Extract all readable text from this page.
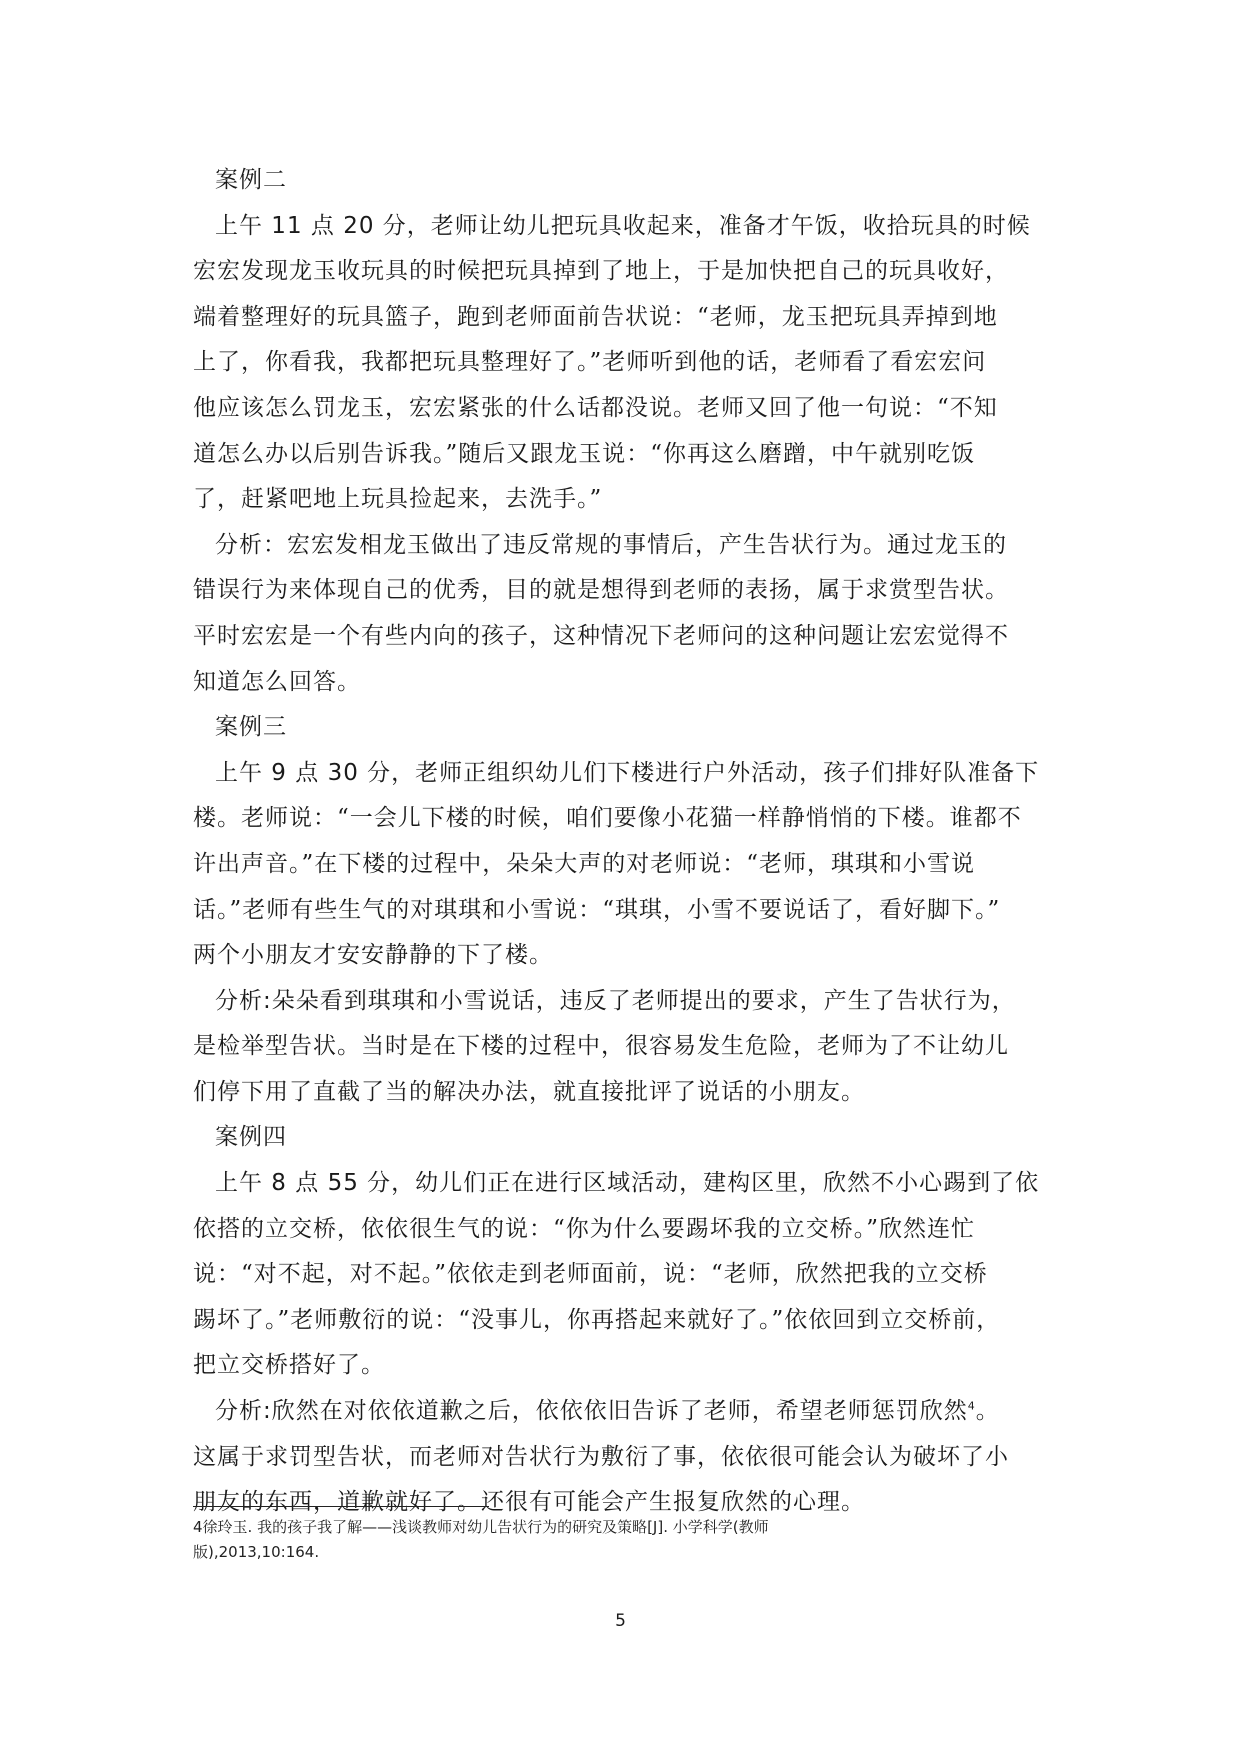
案例二
上午 11 点 20 分，老师让幼儿把玩具收起来，准备才午饭，收拾玩具的时候
宏宏发现龙玉收玩具的时候把玩具掉到了地上，于是加快把自己的玩具收好，
端着整理好的玩具篮子，跑到老师面前告状说：“老师，龙玉把玩具弄掉到地
上了，你看我，我都把玩具整理好了。”老师听到他的话，老师看了看宏宏问
他应该怎么罚龙玉，宏宏紧张的什么话都没说。老师又回了他一句说：“不知
道怎么办以后别告诉我。”随后又跟龙玉说：“你再这么磨蹭，中午就别吃饭
了，赶紧吧地上玩具捡起来，去洗手。”
分析：宏宏发相龙玉做出了违反常规的事情后，产生告状行为。通过龙玉的
错误行为来体现自己的优秀，目的就是想得到老师的表扬，属于求赏型告状。
平时宏宏是一个有些内向的孩子，这种情况下老师问的这种问题让宏宏觉得不
知道怎么回答。
案例三
上午 9 点 30 分，老师正组织幼儿们下楼进行户外活动，孩子们排好队准备下
楼。老师说：“一会儿下楼的时候，咱们要像小花猫一样静悄悄的下楼。谁都不
许出声音。”在下楼的过程中，朵朵大声的对老师说：“老师，琪琪和小雪说
话。”老师有些生气的对琪琪和小雪说：“琪琪，小雪不要说话了，看好脚下。”
两个小朋友才安安静静的下了楼。
分析:朵朵看到琪琪和小雪说话，违反了老师提出的要求，产生了告状行为，
是检举型告状。当时是在下楼的过程中，很容易发生危险，老师为了不让幼儿
们停下用了直截了当的解决办法，就直接批评了说话的小朋友。
案例四
上午 8 点 55 分，幼儿们正在进行区域活动，建构区里，欣然不小心踢到了依
依搭的立交桥，依依很生气的说：“你为什么要踢坏我的立交桥。”欣然连忙
说：“对不起，对不起。”依依走到老师面前，说：“老师，欣然把我的立交桥
踢坏了。”老师敷衍的说：“没事儿，你再搭起来就好了。”依依回到立交桥前，
把立交桥搭好了。
分析:欣然在对依依道歉之后，依依依旧告诉了老师，希望老师惩罚欣然$^4$。
这属于求罚型告状，而老师对告状行为敷衍了事，依依很可能会认为破坏了小
朋友的东西，道歉就好了。还很有可能会产生报复欣然的心理。
4徐玲玉. 我的孩子我了解——浅谈教师对幼儿告状行为的研究及策略[J]. 小学科学(教师
版),2013,10:164.
5
